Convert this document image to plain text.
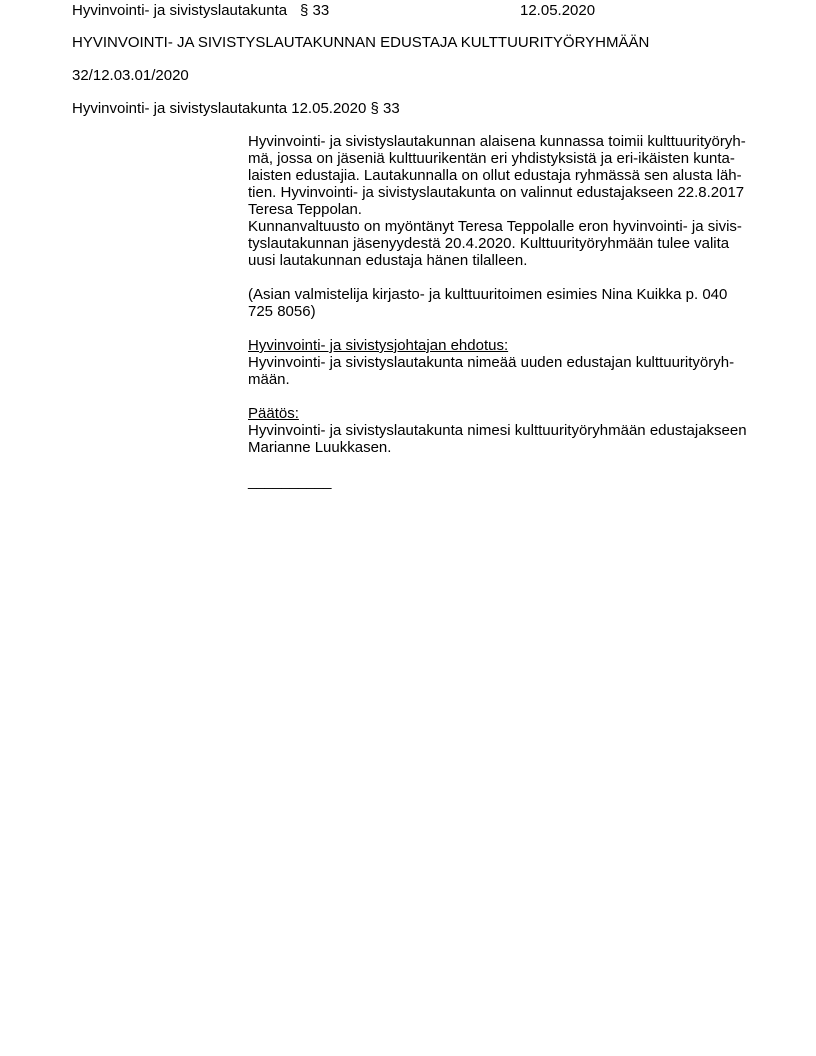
Hyvinvointi- ja sivistyslautakunta § 33	12.05.2020
HYVINVOINTI- JA SIVISTYSLAUTAKUNNAN EDUSTAJA KULTTUURITYÖRYHMÄÄN
32/12.03.01/2020
Hyvinvointi- ja sivistyslautakunta 12.05.2020 § 33
Hyvinvointi- ja sivistyslautakunnan alaisena kunnassa toimii kulttuurityöryh-
mä, jossa on jäseniä kulttuurikentän eri yhdistyksistä ja eri-ikäisten kunta-
laisten edustajia. Lautakunnalla on ollut edustaja ryhmässä sen alusta läh-
tien. Hyvinvointi- ja sivistyslautakunta on valinnut edustajakseen 22.8.2017
Teresa Teppolan.
Kunnanvaltuusto on myöntänyt Teresa Teppolalle eron hyvinvointi- ja sivis-
tyslautakunnan jäsenyydestä 20.4.2020. Kulttuurityöryhmään tulee valita
uusi lautakunnan edustaja hänen tilalleen.
(Asian valmistelija kirjasto- ja kulttuuritoimen esimies Nina Kuikka p. 040
725 8056)
Hyvinvointi- ja sivistysjohtajan ehdotus:
Hyvinvointi- ja sivistyslautakunta nimeää uuden edustajan kulttuurityöryh-
mään.
Päätös:
Hyvinvointi- ja sivistyslautakunta nimesi kulttuurityöryhmään edustajakseen
Marianne Luukkasen.
__________
